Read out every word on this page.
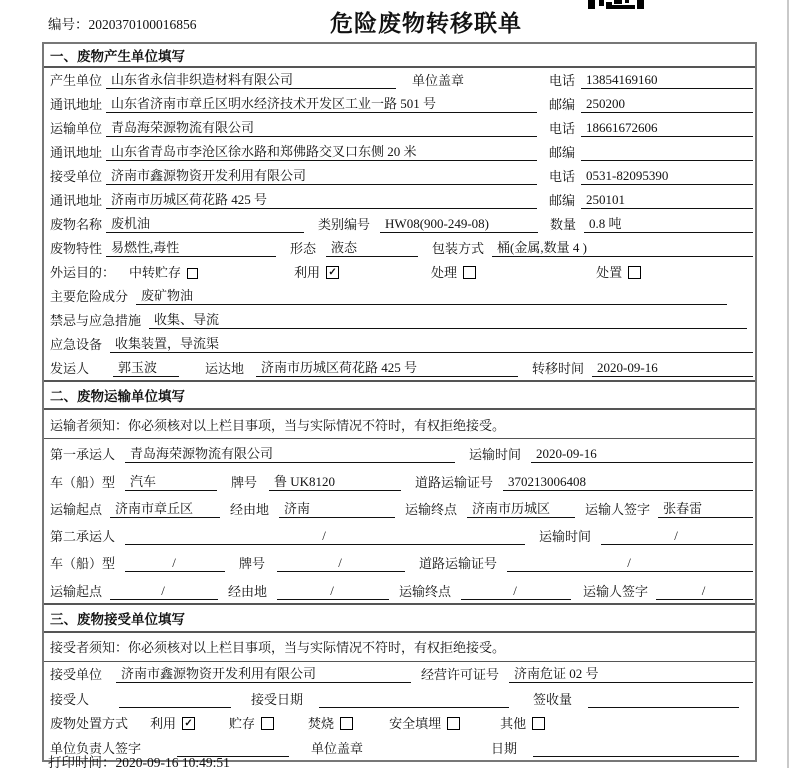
编号：2020370100016856	危险废物转移联单
一、废物产生单位填写
产生单位 山东省永信非织造材料有限公司	单位盖章	电话 13854169160
通讯地址 山东省济南市章丘区明水经济技术开发区工业一路 501 号	邮编 250200
运输单位 青岛海荣源物流有限公司	电话 18661672606
通讯地址 山东省青岛市李沧区徐水路和郑佛路交叉口东侧 20 米	邮编
接受单位 济南市鑫源物资开发利用有限公司	电话 0531-82095390
通讯地址 济南市历城区荷花路 425 号	邮编 250101
废物名称 废机油	类别编号	HW08(900-249-08)	数量	0.8 吨
废物特性 易燃性,毒性	形态	液态	包装方式	桶(金属,数量 4 )
外运目的： 中转贮存	利用 ✓	处理	处置
主要危险成分	废矿物油
禁忌与应急措施	收集、导流
应急设备	收集装置，导流渠
发运人	郭玉波	运达地	济南市历城区荷花路 425 号	转移时间	2020-09-16
二、废物运输单位填写
运输者须知：你必须核对以上栏目事项，当与实际情况不符时，有权拒绝接受。
第一承运人	青岛海荣源物流有限公司	运输时间	2020-09-16
车（船）型	汽车	牌号	鲁 UK8120	道路运输证号	370213006408
运输起点	济南市章丘区	经由地	济南	运输终点	济南市历城区	运输人签字	张春雷
第二承运人	/	运输时间	/
车（船）型	/	牌号	/	道路运输证号	/
运输起点	/	经由地	/	运输终点	/	运输人签字	/
三、废物接受单位填写
接受者须知：你必须核对以上栏目事项，当与实际情况不符时，有权拒绝接受。
接受单位	济南市鑫源物资开发利用有限公司	经营许可证号	济南危证 02 号
接受人	接受日期	签收量
废物处置方式 利用 ✓	贮存	焚烧	安全填埋	其他
单位负责人签字	单位盖章	日期
打印时间：2020-09-16 10:49:51
